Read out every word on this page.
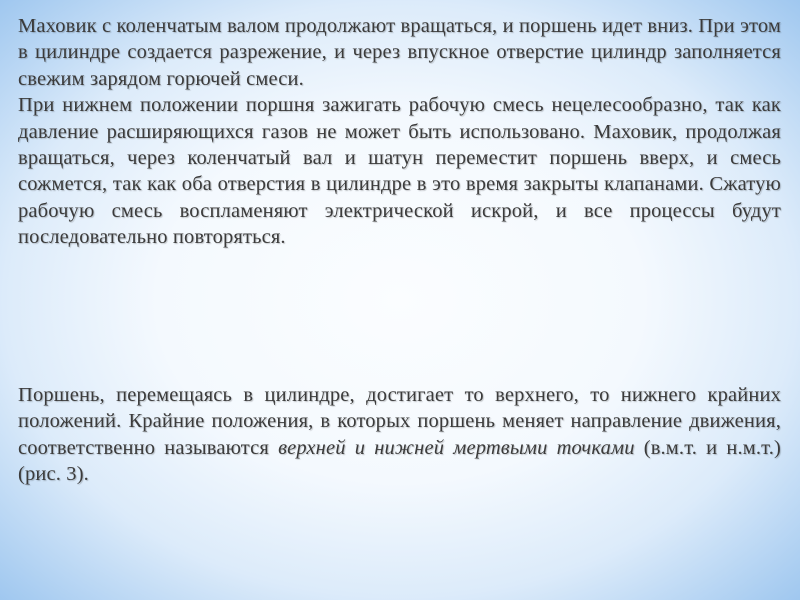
Маховик с коленчатым валом продолжают вращаться, и поршень идет вниз. При этом в цилиндре создается разрежение, и через впускное отверстие цилиндр заполняется свежим зарядом горючей смеси.

При нижнем положении поршня зажигать рабочую смесь нецелесообразно, так как давление расширяющихся газов не может быть использовано. Маховик, продолжая вращаться, через коленчатый вал и шатун переместит поршень вверх, и смесь сожмется, так как оба отверстия в цилиндре в это время закрыты клапанами. Сжатую рабочую смесь воспламеняют электрической искрой, и все процессы будут последовательно повторяться.

Поршень, перемещаясь в цилиндре, достигает то верхнего, то нижнего крайних положений. Крайние положения, в которых поршень меняет направление движения, соответственно называются верхней и нижней мертвыми точками (в.м.т. и н.м.т.) (рис. 3).
